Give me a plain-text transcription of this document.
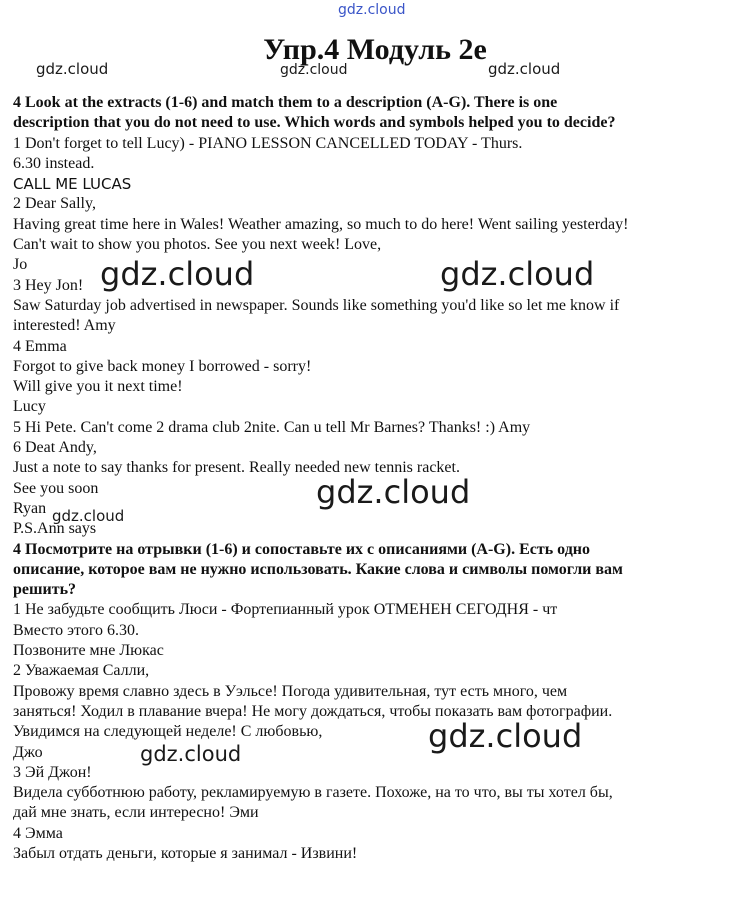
gdz.cloud
Упр.4 Модуль 2е
gdz.cloud	gdz.cloud	gdz.cloud
4 Look at the extracts (1-6) and match them to a description (A-G). There is one
description that you do not need to use. Which words and symbols helped you to decide?
1 Don't forget to tell Lucy) - PIANO LESSON CANCELLED TODAY - Thurs.
6.30 instead.
CALL ME LUCAS
2 Dear Sally,
Having great time here in Wales! Weather amazing, so much to do here! Went sailing yesterday!
Can't wait to show you photos. See you next week! Love,
Jo
3 Hey Jon!
Saw Saturday job advertised in newspaper. Sounds like something you'd like so let me know if
interested! Amy
4 Emma
Forgot to give back money I borrowed - sorry!
Will give you it next time!
Lucy
5 Hi Pete. Can't come 2 drama club 2nite. Can u tell Mr Barnes? Thanks! :) Amy
6 Deat Andy,
Just a note to say thanks for present. Really needed new tennis racket.
See you soon
Ryan
P.S.Ann says
4 Посмотрите на отрывки (1-6) и сопоставьте их с описаниями (A-G). Есть одно
описание, которое вам не нужно использовать. Какие слова и символы помогли вам
решить?
1 Не забудьте сообщить Люси - Фортепианный урок ОТМЕНЕН СЕГОДНЯ - чт
Вместо этого 6.30.
Позвоните мне Люкас
2 Уважаемая Салли,
Провожу время славно здесь в Уэльсе! Погода удивительная, тут есть много, чем
заняться! Ходил в плавание вчера! Не могу дождаться, чтобы показать вам фотографии.
Увидимся на следующей неделе! С любовью,
Джо
3 Эй Джон!
Видела субботнюю работу, рекламируемую в газете. Похоже, на то что, вы ты хотел бы,
дай мне знать, если интересно! Эми
4 Эмма
Забыл отдать деньги, которые я занимал - Извини!
gdz.cloud	gdz.cloud
gdz.cloud
gdz.cloud
gdz.cloud
gdz.cloud
